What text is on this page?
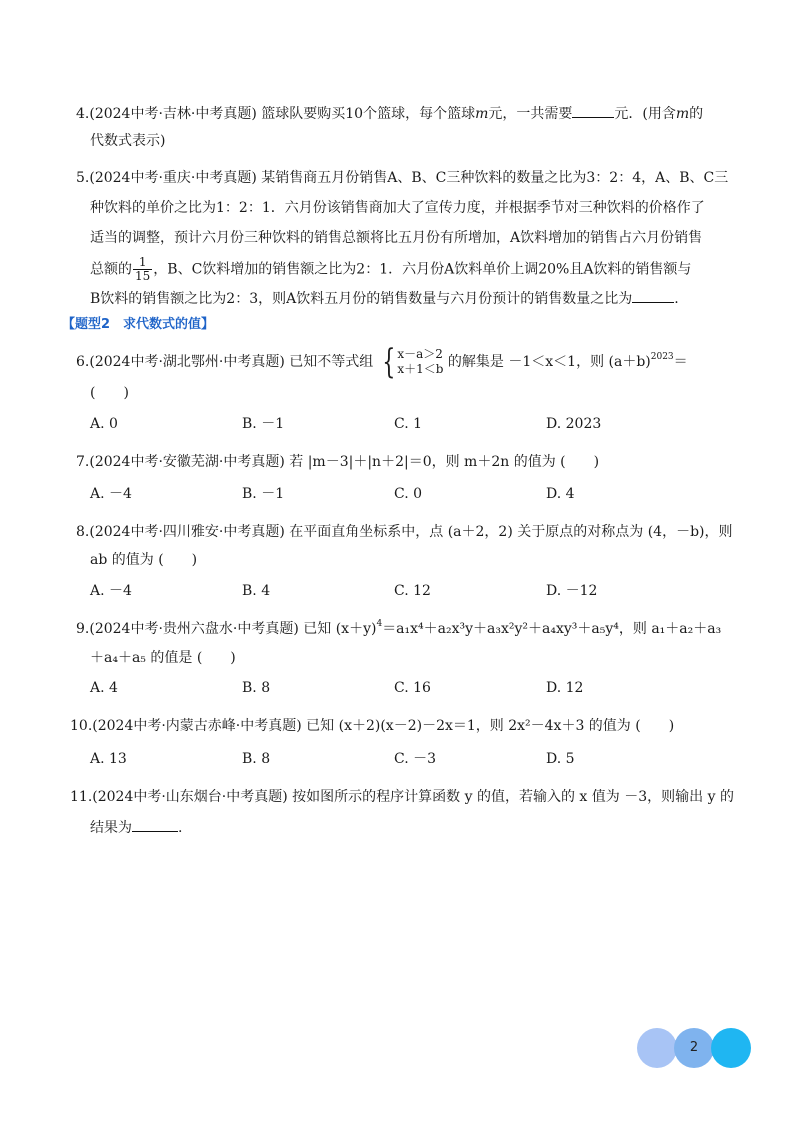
4.(2024中考·吉林·中考真题) 篮球队要购买10个篮球，每个篮球m元，一共需要	元．(用含m的
代数式表示)
5.(2024中考·重庆·中考真题) 某销售商五月份销售A、B、C三种饮料的数量之比为3：2：4，A、B、C三
种饮料的单价之比为1：2：1．六月份该销售商加大了宣传力度，并根据季节对三种饮料的价格作了
适当的调整，预计六月份三种饮料的销售总额将比五月份有所增加，A饮料增加的销售占六月份销售
总额的 $\frac{1}{15}$ ，B、C饮料增加的销售额之比为2：1．六月份A饮料单价上调20%且A饮料的销售额与
B饮料的销售额之比为2：3，则A饮料五月份的销售数量与六月份预计的销售数量之比为	.
【题型2　求代数式的值】
6.(2024中考·湖北鄂州·中考真题) 已知不等式组 { x－a＞2
x＋1＜b 的解集是 －1＜x＜1，则 $(a+b)^{2023}=$
(　　)
A. 0	B. －1	C. 1	D. 2023
7.(2024中考·安徽芜湖·中考真题) 若 |m－3|＋|n＋2|＝0，则 m＋2n 的值为 (　　)
A. －4	B. －1	C. 0	D. 4
8.(2024中考·四川雅安·中考真题) 在平面直角坐标系中，点 (a＋2，2) 关于原点的对称点为 (4，－b)，则
ab 的值为 (　　)
A. －4	B. 4	C. 12	D. －12
9.(2024中考·贵州六盘水·中考真题) 已知 $(x+y)^4=a_1x^4+a_2x^3y+a_3x^2y^2+a_4xy^3+a_5y^4$，则 a₁＋a₂＋a₃
＋a₄＋a₅ 的值是 (　　)
A. 4	B. 8	C. 16	D. 12
10.(2024中考·内蒙古赤峰·中考真题) 已知 (x＋2)(x－2)－2x＝1，则 2x²－4x＋3 的值为 (　　)
A. 13	B. 8	C. －3	D. 5
11.(2024中考·山东烟台·中考真题) 按如图所示的程序计算函数 y 的值，若输入的 x 值为 －3，则输出 y 的
结果为	.
2
